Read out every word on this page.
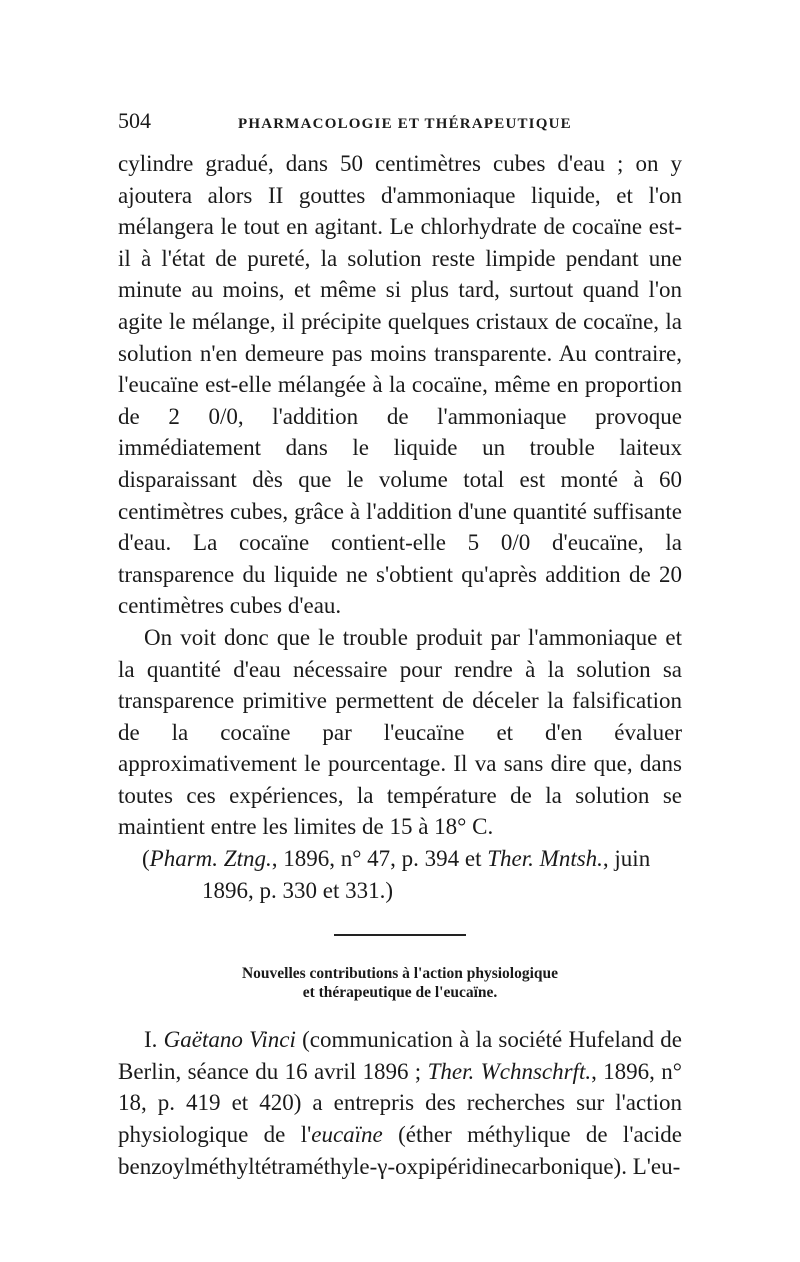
504	PHARMACOLOGIE ET THÉRAPEUTIQUE

cylindre gradué, dans 50 centimètres cubes d'eau ; on y ajoutera alors II gouttes d'ammoniaque liquide, et l'on mélangera le tout en agitant. Le chlorhydrate de cocaïne est-il à l'état de pureté, la solution reste limpide pendant une minute au moins, et même si plus tard, surtout quand l'on agite le mélange, il précipite quelques cristaux de cocaïne, la solution n'en demeure pas moins transparente. Au contraire, l'eucaïne est-elle mélangée à la cocaïne, même en proportion de 2 0/0, l'addition de l'ammoniaque provoque immédiatement dans le liquide un trouble laiteux disparaissant dès que le volume total est monté à 60 centimètres cubes, grâce à l'addition d'une quantité suffisante d'eau. La cocaïne contient-elle 5 0/0 d'eucaïne, la transparence du liquide ne s'obtient qu'après addition de 20 centimètres cubes d'eau.

On voit donc que le trouble produit par l'ammoniaque et la quantité d'eau nécessaire pour rendre à la solution sa transparence primitive permettent de déceler la falsification de la cocaïne par l'eucaïne et d'en évaluer approximativement le pourcentage. Il va sans dire que, dans toutes ces expériences, la température de la solution se maintient entre les limites de 15 à 18° C.

(Pharm. Ztng., 1896, n° 47, p. 394 et Ther. Mntsh., juin 1896, p. 330 et 331.)

Nouvelles contributions à l'action physiologique
et thérapeutique de l'eucaïne.

I. Gaëtano Vinci (communication à la société Hufeland de Berlin, séance du 16 avril 1896 ; Ther. Wchnschrft., 1896, n° 18, p. 419 et 420) a entrepris des recherches sur l'action physiologique de l'eucaïne (éther méthylique de l'acide benzoylméthyltétraméthyle-γ-oxpipéridinecarbonique). L'eu-
